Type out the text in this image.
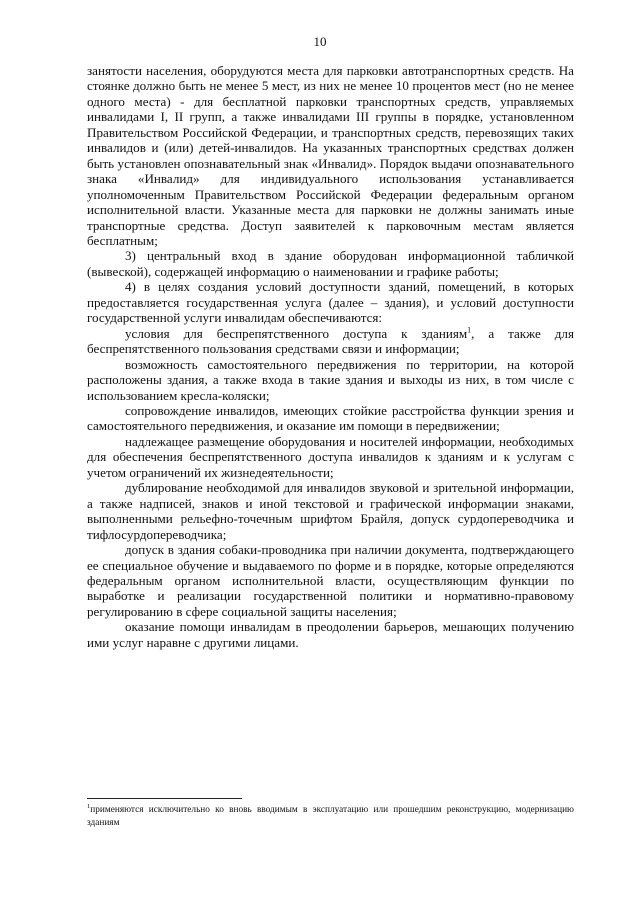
10

занятости населения, оборудуются места для парковки автотранспортных средств. На стоянке должно быть не менее 5 мест, из них не менее 10 процентов мест (но не менее одного места) - для бесплатной парковки транспортных средств, управляемых инвалидами I, II групп, а также инвалидами III группы в порядке, установленном Правительством Российской Федерации, и транспортных средств, перевозящих таких инвалидов и (или) детей-инвалидов. На указанных транспортных средствах должен быть установлен опознавательный знак «Инвалид». Порядок выдачи опознавательного знака «Инвалид» для индивидуального использования устанавливается уполномоченным Правительством Российской Федерации федеральным органом исполнительной власти. Указанные места для парковки не должны занимать иные транспортные средства. Доступ заявителей к парковочным местам является бесплатным;

3) центральный вход в здание оборудован информационной табличкой (вывеской), содержащей информацию о наименовании и графике работы;

4) в целях создания условий доступности зданий, помещений, в которых предоставляется государственная услуга (далее – здания), и условий доступности государственной услуги инвалидам обеспечиваются:

условия для беспрепятственного доступа к зданиям$^1$, а также для беспрепятственного пользования средствами связи и информации;

возможность самостоятельного передвижения по территории, на которой расположены здания, а также входа в такие здания и выходы из них, в том числе с использованием кресла-коляски;

сопровождение инвалидов, имеющих стойкие расстройства функции зрения и самостоятельного передвижения, и оказание им помощи в передвижении;

надлежащее размещение оборудования и носителей информации, необходимых для обеспечения беспрепятственного доступа инвалидов к зданиям и к услугам с учетом ограничений их жизнедеятельности;

дублирование необходимой для инвалидов звуковой и зрительной информации, а также надписей, знаков и иной текстовой и графической информации знаками, выполненными рельефно-точечным шрифтом Брайля, допуск сурдопереводчика и тифлосурдопереводчика;

допуск в здания собаки-проводника при наличии документа, подтверждающего ее специальное обучение и выдаваемого по форме и в порядке, которые определяются федеральным органом исполнительной власти, осуществляющим функции по выработке и реализации государственной политики и нормативно-правовому регулированию в сфере социальной защиты населения;

оказание помощи инвалидам в преодолении барьеров, мешающих получению ими услуг наравне с другими лицами.

$^1$применяются исключительно ко вновь вводимым в эксплуатацию или прошедшим реконструкцию, модернизацию зданиям
